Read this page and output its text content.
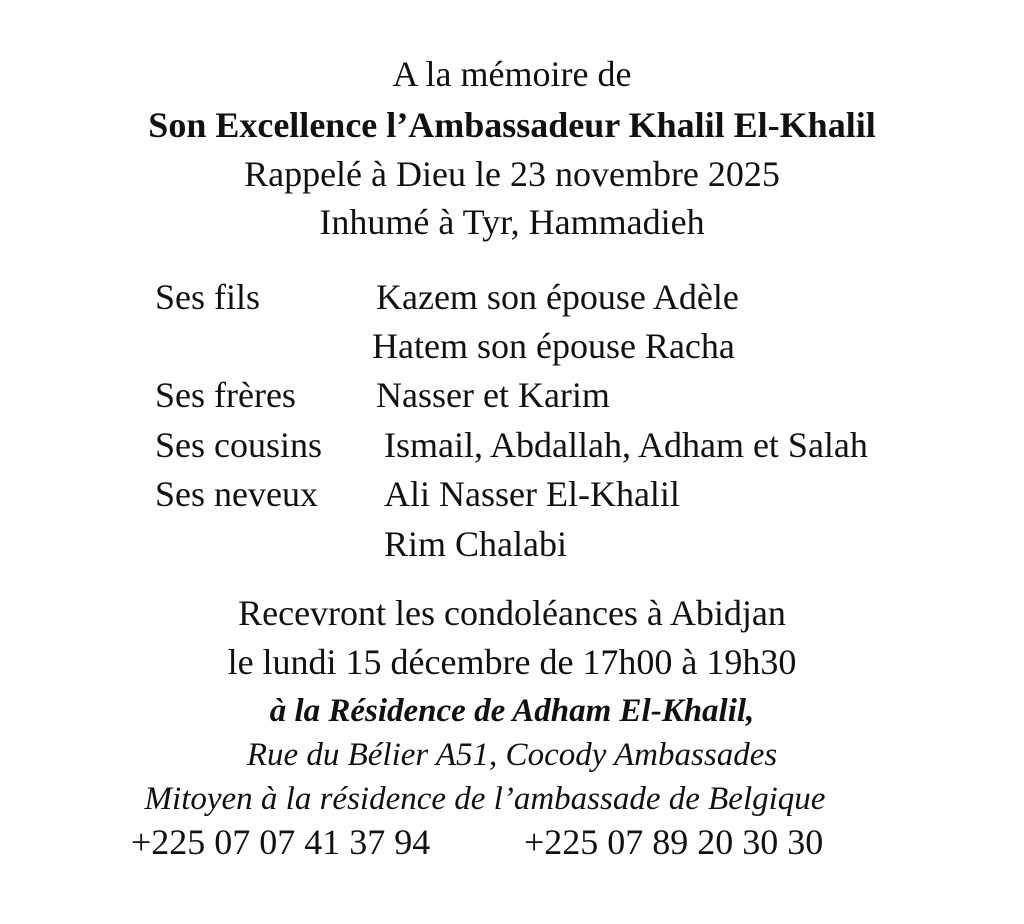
A la mémoire de
Son Excellence l’Ambassadeur Khalil El-Khalil
Rappelé à Dieu le 23 novembre 2025
Inhumé à Tyr, Hammadieh
Ses fils	Kazem son épouse Adèle
Hatem son épouse Racha
Ses frères Nasser et Karim
Ses cousins Ismail, Abdallah, Adham et Salah
Ses neveux Ali Nasser El-Khalil
Rim Chalabi
Recevront les condoléances à Abidjan
le lundi 15 décembre de 17h00 à 19h30
à la Résidence de Adham El-Khalil,
Rue du Bélier A51, Cocody Ambassades
Mitoyen à la résidence de l’ambassade de Belgique
+225 07 07 41 37 94	+225 07 89 20 30 30
